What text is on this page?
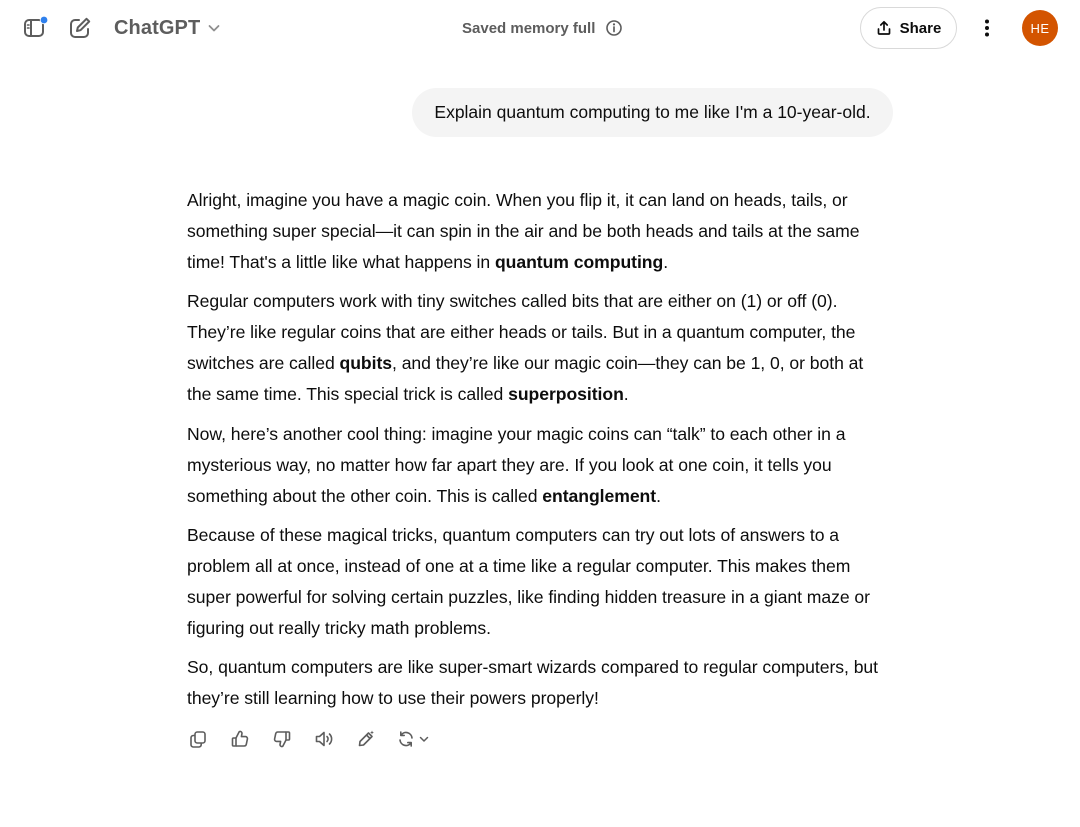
ChatGPT	Saved memory full	Share	HE
Explain quantum computing to me like I'm a 10-year-old.

Alright, imagine you have a magic coin. When you flip it, it can land on heads, tails, or something super special—it can spin in the air and be both heads and tails at the same time! That's a little like what happens in quantum computing.

Regular computers work with tiny switches called bits that are either on (1) or off (0). They’re like regular coins that are either heads or tails. But in a quantum computer, the switches are called qubits, and they’re like our magic coin—they can be 1, 0, or both at the same time. This special trick is called superposition.

Now, here’s another cool thing: imagine your magic coins can “talk” to each other in a mysterious way, no matter how far apart they are. If you look at one coin, it tells you something about the other coin. This is called entanglement.

Because of these magical tricks, quantum computers can try out lots of answers to a problem all at once, instead of one at a time like a regular computer. This makes them super powerful for solving certain puzzles, like finding hidden treasure in a giant maze or figuring out really tricky math problems.

So, quantum computers are like super-smart wizards compared to regular computers, but they’re still learning how to use their powers properly!
